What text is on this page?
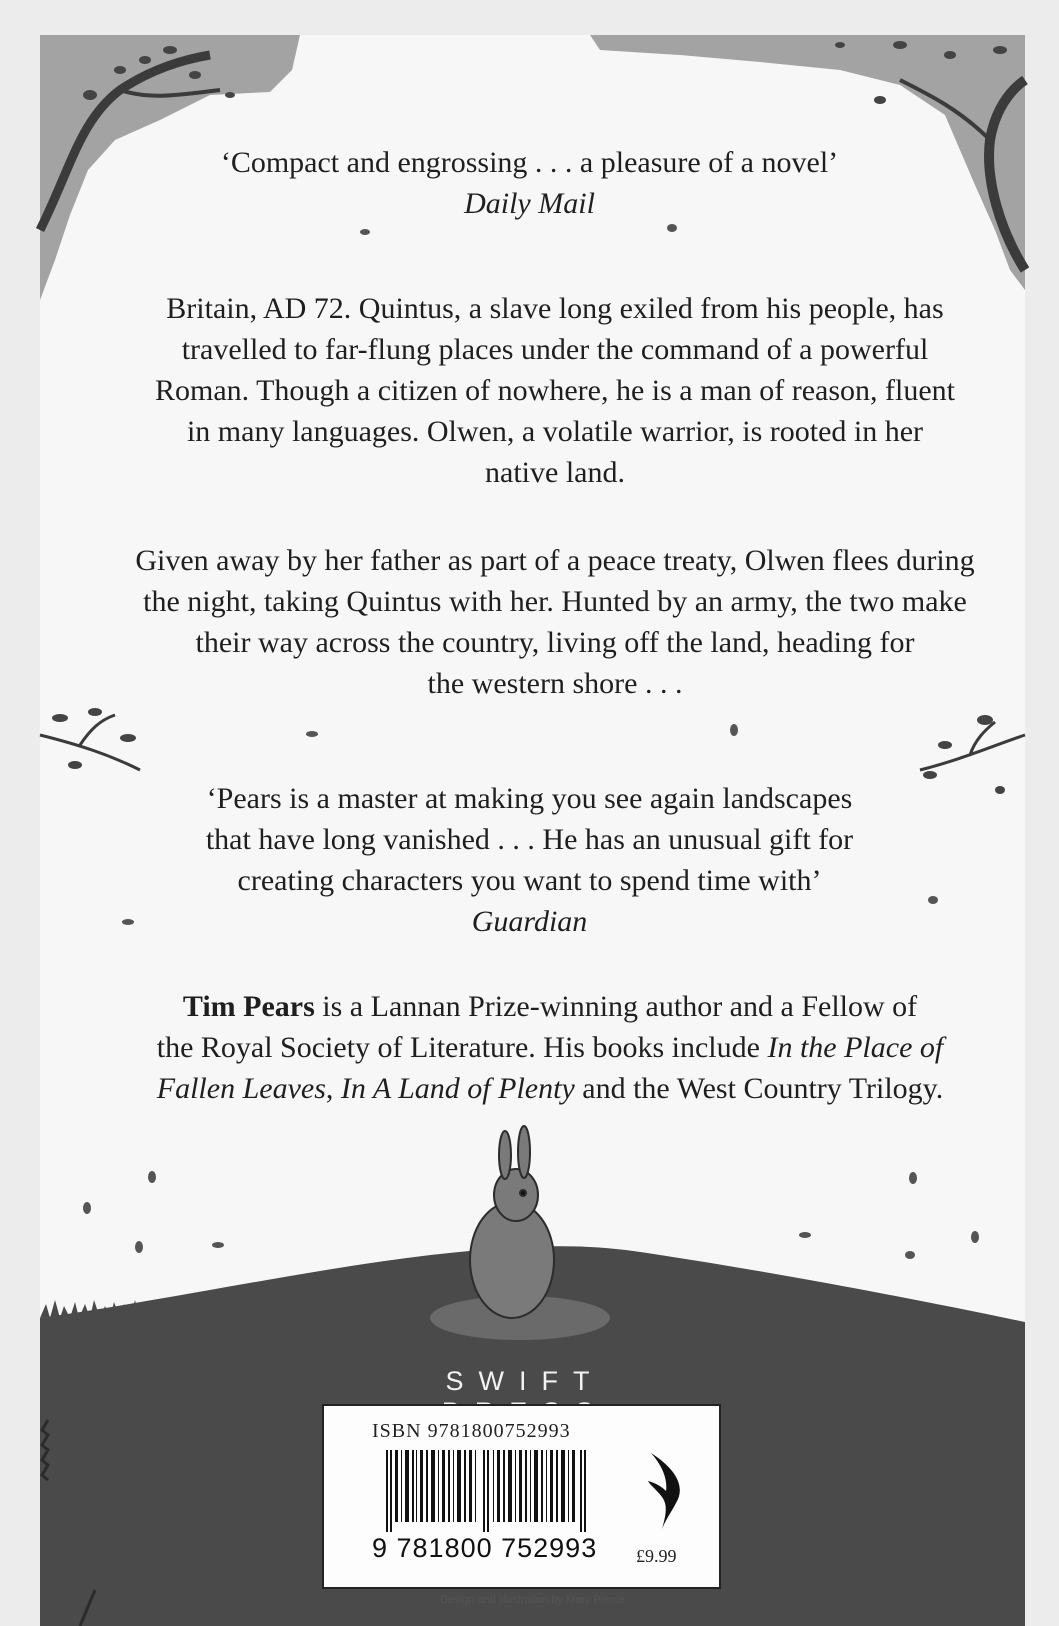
‘Compact and engrossing . . . a pleasure of a novel’
Daily Mail
Britain, AD 72. Quintus, a slave long exiled from his people, has
travelled to far-flung places under the command of a powerful
Roman. Though a citizen of nowhere, he is a man of reason, fluent
in many languages. Olwen, a volatile warrior, is rooted in her
native land.
Given away by her father as part of a peace treaty, Olwen flees during
the night, taking Quintus with her. Hunted by an army, the two make
their way across the country, living off the land, heading for
the western shore . . .
‘Pears is a master at making you see again landscapes
that have long vanished . . . He has an unusual gift for
creating characters you want to spend time with’
Guardian
Tim Pears is a Lannan Prize-winning author and a Fellow of
the Royal Society of Literature. His books include In the Place of
Fallen Leaves, In A Land of Plenty and the West Country Trilogy.
SWIFT
ISBN 9781800752993
9 781800 752993 £9.99
Design and illustration by Mary Pierce
